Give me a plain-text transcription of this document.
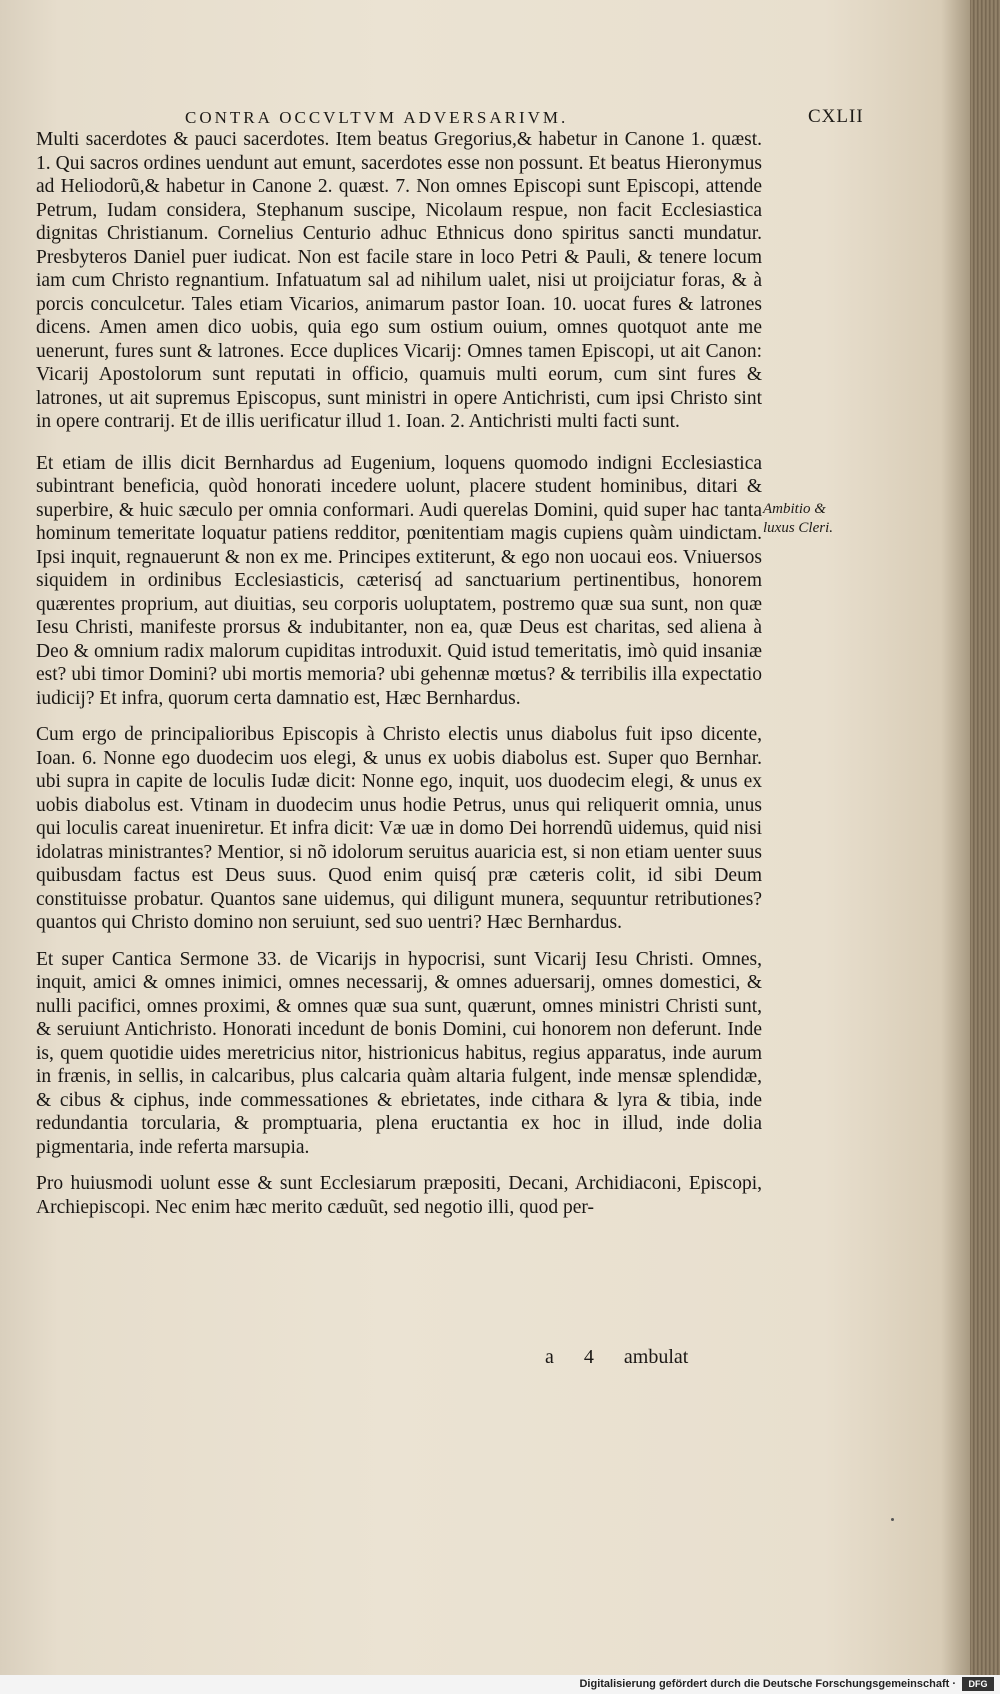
CONTRA OCCVLTVM ADVERSARIVM.	CXLII

Multi sacerdotes & pauci sacerdotes. Item beatus Gregorius,& habetur in Canone 1. quæst. 1. Qui sacros ordines uendunt aut emunt, sacerdotes esse non possunt. Et beatus Hieronymus ad Heliodorũ,& habetur in Canone 2. quæst. 7. Non omnes Episcopi sunt Episcopi, attende Petrum, Iudam considera, Stephanum suscipe, Nicolaum respue, non facit Ecclesiastica dignitas Christianum. Cornelius Centurio adhuc Ethnicus dono spiritus sancti mundatur. Presbyteros Daniel puer iudicat. Non est facile stare in loco Petri & Pauli, & tenere locum iam cum Christo regnantium. Infatuatum sal ad nihilum ualet, nisi ut proijciatur foras, & à porcis conculcetur. Tales etiam Vicarios, animarum pastor Ioan. 10. uocat fures & latrones dicens. Amen amen dico uobis, quia ego sum ostium ouium, omnes quotquot ante me uenerunt, fures sunt & latrones. Ecce duplices Vicarij: Omnes tamen Episcopi, ut ait Canon: Vicarij Apostolorum sunt reputati in officio, quamuis multi eorum, cum sint fures & latrones, ut ait supremus Episcopus, sunt ministri in opere Antichristi, cum ipsi Christo sint in opere contrarij. Et de illis uerificatur illud 1. Ioan. 2. Antichristi multi facti sunt.

Et etiam de illis dicit Bernhardus ad Eugenium, loquens quomodo indigni Ecclesiastica subintrant beneficia, quòd honorati incedere uolunt, placere student hominibus, ditari & superbire, & huic sæculo per omnia conformari. Audi querelas Domini, quid super hac tanta hominum temeritate loquatur patiens redditor, pœnitentiam magis cupiens quàm uindictam. Ipsi inquit, regnauerunt & non ex me. Principes extiterunt, & ego non uocaui eos. Vniuersos siquidem in ordinibus Ecclesiasticis, cæterisq́ ad sanctuarium pertinentibus, honorem quærentes proprium, aut diuitias, seu corporis uoluptatem, postremo quæ sua sunt, non quæ Iesu Christi, manifeste prorsus & indubitanter, non ea, quæ Deus est charitas, sed aliena à Deo & omnium radix malorum cupiditas introduxit. Quid istud temeritatis, imò quid insaniæ est? ubi timor Domini? ubi mortis memoria? ubi gehennæ mœtus? & terribilis illa expectatio iudicij? Et infra, quorum certa damnatio est, Hæc Bernhardus.

Cum ergo de principalioribus Episcopis à Christo electis unus diabolus fuit ipso dicente, Ioan. 6. Nonne ego duodecim uos elegi, & unus ex uobis diabolus est. Super quo Bernhar. ubi supra in capite de loculis Iudæ dicit: Nonne ego, inquit, uos duodecim elegi, & unus ex uobis diabolus est. Vtinam in duodecim unus hodie Petrus, unus qui reliquerit omnia, unus qui loculis careat inueniretur. Et infra dicit: Væ uæ in domo Dei horrendũ uidemus, quid nisi idolatras ministrantes? Mentior, si nõ idolorum seruitus auaricia est, si non etiam uenter suus quibusdam factus est Deus suus. Quod enim quisq́ præ cæteris colit, id sibi Deum constituisse probatur. Quantos sane uidemus, qui diligunt munera, sequuntur retributiones? quantos qui Christo domino non seruiunt, sed suo uentri? Hæc Bernhardus.

Et super Cantica Sermone 33. de Vicarijs in hypocrisi, sunt Vicarij Iesu Christi. Omnes, inquit, amici & omnes inimici, omnes necessarij, & omnes aduersarij, omnes domestici, & nulli pacifici, omnes proximi, & omnes quæ sua sunt, quærunt, omnes ministri Christi sunt, & seruiunt Antichristo. Honorati incedunt de bonis Domini, cui honorem non deferunt. Inde is, quem quotidie uides meretricius nitor, histrionicus habitus, regius apparatus, inde aurum in frænis, in sellis, in calcaribus, plus calcaria quàm altaria fulgent, inde mensæ splendidæ, & cibus & ciphus, inde commessationes & ebrietates, inde cithara & lyra & tibia, inde redundantia torcularia, & promptuaria, plena eructantia ex hoc in illud, inde dolia pigmentaria, inde referta marsupia.

Pro huiusmodi uolunt esse & sunt Ecclesiarum præpositi, Decani, Archidiaconi, Episcopi, Archiepiscopi. Nec enim hæc merito cæduũt, sed negotio illi, quod per-

Ambitio & luxus Cleri.
a 4 ambulat
Digitalisierung gefördert durch die Deutsche Forschungsgemeinschaft ·	DFG
